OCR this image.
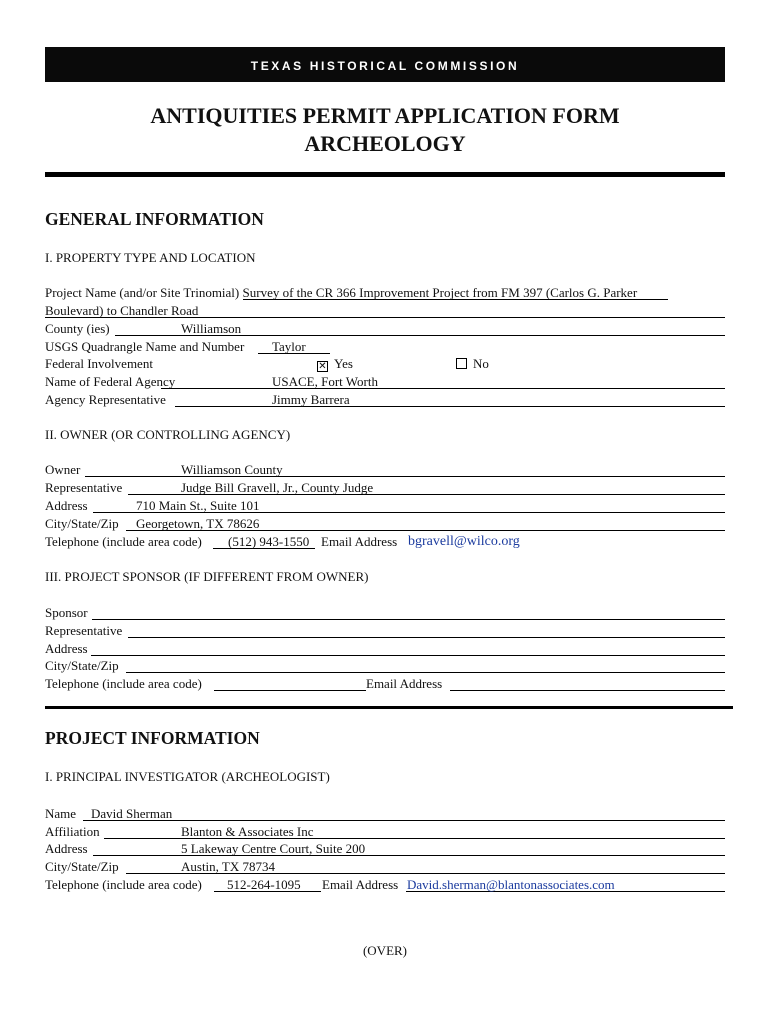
TEXAS HISTORICAL COMMISSION
ANTIQUITIES PERMIT APPLICATION FORM
ARCHEOLOGY
GENERAL INFORMATION
I. PROPERTY TYPE AND LOCATION
Project Name (and/or Site Trinomial) Survey of the CR 366 Improvement Project from FM 397 (Carlos G. Parker
Boulevard) to Chandler Road
County (ies)	Williamson
USGS Quadrangle Name and Number Taylor
Federal Involvement	✕ Yes	No
Name of Federal Agency	USACE, Fort Worth
Agency Representative	Jimmy Barrera
II. OWNER (OR CONTROLLING AGENCY)
Owner	Williamson County
Representative	Judge Bill Gravell, Jr., County Judge
Address	710 Main St., Suite 101
City/State/Zip Georgetown, TX 78626
Telephone (include area code) (512) 943-1550 Email Address bgravell@wilco.org
III. PROJECT SPONSOR (IF DIFFERENT FROM OWNER)
Sponsor
Representative
Address
City/State/Zip
Telephone (include area code)	Email Address
PROJECT INFORMATION
I. PRINCIPAL INVESTIGATOR (ARCHEOLOGIST)
Name David Sherman
Affiliation	Blanton & Associates Inc
Address	5 Lakeway Centre Court, Suite 200
City/State/Zip	Austin, TX 78734
Telephone (include area code) 512-264-1095 Email Address David.sherman@blantonassociates.com
(OVER)
